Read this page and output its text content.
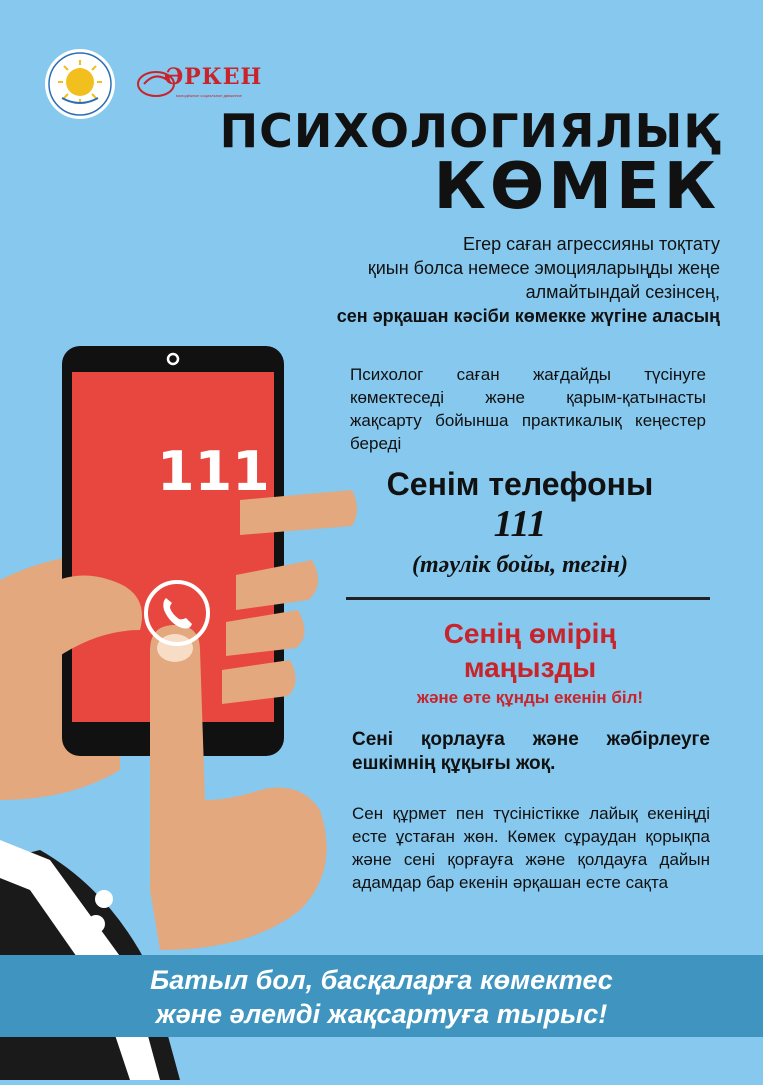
ӘРКЕН
молодёжное социальное движение
ПСИХОЛОГИЯЛЫҚ
КӨМЕК
Егер саған агрессияны тоқтату
қиын болса немесе эмоцияларыңды жеңе
алмайтындай сезінсең,
сен әрқашан кәсіби көмекке жүгіне аласың
111
Психолог саған жағдайды түсінуге көмектеседі және қарым-қатынасты жақсарту бойынша практикалық кеңестер береді
Сенім телефоны
111
(тәулік бойы, тегін)
Сенің өмірің
маңызды
және өте құнды екенін біл!
Сені қорлауға және жәбірлеуге ешкімнің құқығы жоқ.
Сен құрмет пен түсіністікке лайық екеніңді есте ұстаған жөн. Көмек сұраудан қорықпа және сені қорғауға және қолдауға дайын адамдар бар екенін әрқашан есте сақта
Батыл бол, басқаларға көмектес
және әлемді жақсартуға тырыс!
